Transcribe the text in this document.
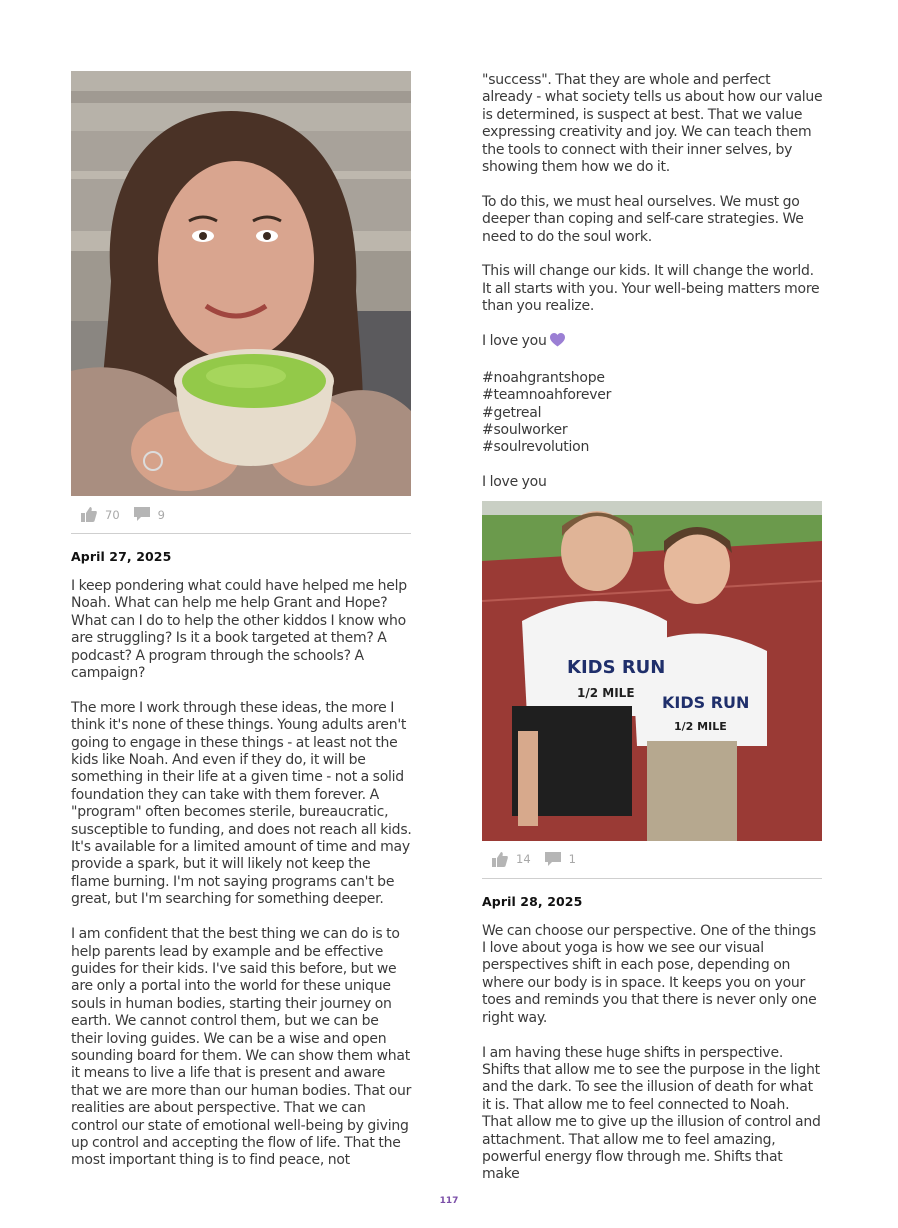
70	9
April 27, 2025

I keep pondering what could have helped me help Noah. What can help me help Grant and Hope? What can I do to help the other kiddos I know who are struggling? Is it a book targeted at them? A podcast? A program through the schools? A campaign?

The more I work through these ideas, the more I think it's none of these things. Young adults aren't going to engage in these things - at least not the kids like Noah. And even if they do, it will be something in their life at a given time - not a solid foundation they can take with them forever. A "program" often becomes sterile, bureaucratic, susceptible to funding, and does not reach all kids. It's available for a limited amount of time and may provide a spark, but it will likely not keep the flame burning. I'm not saying programs can't be great, but I'm searching for something deeper.

I am confident that the best thing we can do is to help parents lead by example and be effective guides for their kids. I've said this before, but we are only a portal into the world for these unique souls in human bodies, starting their journey on earth. We cannot control them, but we can be their loving guides. We can be a wise and open sounding board for them. We can show them what it means to live a life that is present and aware that we are more than our human bodies. That our realities are about perspective. That we can control our state of emotional well-being by giving up control and accepting the flow of life. That the most important thing is to find peace, not

"success". That they are whole and perfect already - what society tells us about how our value is determined, is suspect at best. That we value expressing creativity and joy. We can teach them the tools to connect with their inner selves, by showing them how we do it.

To do this, we must heal ourselves. We must go deeper than coping and self-care strategies. We need to do the soul work.

This will change our kids. It will change the world. It all starts with you. Your well-being matters more than you realize.

I love you

#noahgrantshope
#teamnoahforever
#getreal
#soulworker
#soulrevolution

I love you

KIDS RUN
1/2 MILE KIDS RUN
1/2 MILE
14	1
April 28, 2025

We can choose our perspective. One of the things I love about yoga is how we see our visual perspectives shift in each pose, depending on where our body is in space. It keeps you on your toes and reminds you that there is never only one right way.

I am having these huge shifts in perspective. Shifts that allow me to see the purpose in the light and the dark. To see the illusion of death for what it is. That allow me to feel connected to Noah. That allow me to give up the illusion of control and attachment. That allow me to feel amazing, powerful energy flow through me. Shifts that make

117
